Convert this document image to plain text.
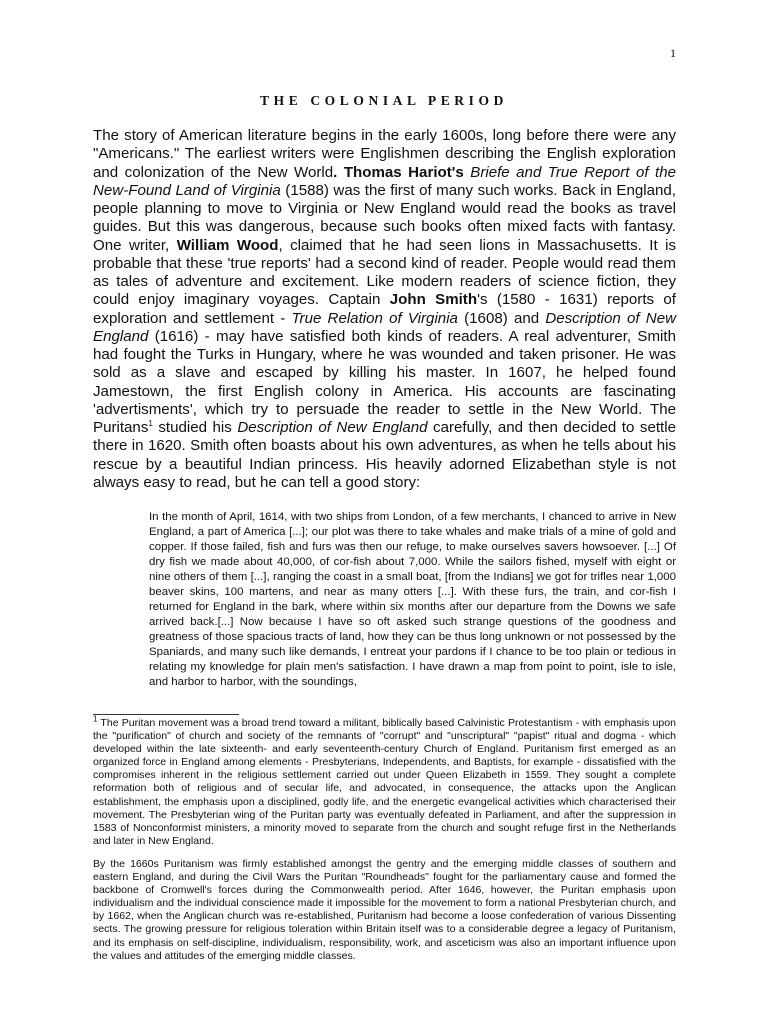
1
THE COLONIAL PERIOD
The story of American literature begins in the early 1600s, long before there were any "Americans." The earliest writers were Englishmen describing the English exploration and colonization of the New World. Thomas Hariot's Briefe and True Report of the New-Found Land of Virginia (1588) was the first of many such works. Back in England, people planning to move to Virginia or New England would read the books as travel guides. But this was dangerous, because such books often mixed facts with fantasy. One writer, William Wood, claimed that he had seen lions in Massachusetts. It is probable that these 'true reports' had a second kind of reader. People would read them as tales of adventure and excitement. Like modern readers of science fiction, they could enjoy imaginary voyages. Captain John Smith's (1580 - 1631) reports of exploration and settlement - True Relation of Virginia (1608) and Description of New England (1616) - may have satisfied both kinds of readers. A real adventurer, Smith had fought the Turks in Hungary, where he was wounded and taken prisoner. He was sold as a slave and escaped by killing his master. In 1607, he helped found Jamestown, the first English colony in America. His accounts are fascinating 'advertisments', which try to persuade the reader to settle in the New World. The Puritans$^1$ studied his Description of New England carefully, and then decided to settle there in 1620. Smith often boasts about his own adventures, as when he tells about his rescue by a beautiful Indian princess. His heavily adorned Elizabethan style is not always easy to read, but he can tell a good story:
In the month of April, 1614, with two ships from London, of a few merchants, I chanced to arrive in New England, a part of America [...]; our plot was there to take whales and make trials of a mine of gold and copper. If those failed, fish and furs was then our refuge, to make ourselves savers howsoever. [...] Of dry fish we made about 40,000, of cor-fish about 7,000. While the sailors fished, myself with eight or nine others of them [...], ranging the coast in a small boat, [from the Indians] we got for trifles near 1,000 beaver skins, 100 martens, and near as many otters [...]. With these furs, the train, and cor-fish I returned for England in the bark, where within six months after our departure from the Downs we safe arrived back.[...] Now because I have so oft asked such strange questions of the goodness and greatness of those spacious tracts of land, how they can be thus long unknown or not possessed by the Spaniards, and many such like demands, I entreat your pardons if I chance to be too plain or tedious in relating my knowledge for plain men's satisfaction. I have drawn a map from point to point, isle to isle, and harbor to harbor, with the soundings,
$^1$ The Puritan movement was a broad trend toward a militant, biblically based Calvinistic Protestantism - with emphasis upon the "purification" of church and society of the remnants of "corrupt" and "unscriptural" "papist" ritual and dogma - which developed within the late sixteenth- and early seventeenth-century Church of England. Puritanism first emerged as an organized force in England among elements - Presbyterians, Independents, and Baptists, for example - dissatisfied with the compromises inherent in the religious settlement carried out under Queen Elizabeth in 1559. They sought a complete reformation both of religious and of secular life, and advocated, in consequence, the attacks upon the Anglican establishment, the emphasis upon a disciplined, godly life, and the energetic evangelical activities which characterised their movement. The Presbyterian wing of the Puritan party was eventually defeated in Parliament, and after the suppression in 1583 of Nonconformist ministers, a minority moved to separate from the church and sought refuge first in the Netherlands and later in New England.
By the 1660s Puritanism was firmly established amongst the gentry and the emerging middle classes of southern and eastern England, and during the Civil Wars the Puritan "Roundheads" fought for the parliamentary cause and formed the backbone of Cromwell's forces during the Commonwealth period. After 1646, however, the Puritan emphasis upon individualism and the individual conscience made it impossible for the movement to form a national Presbyterian church, and by 1662, when the Anglican church was re-established, Puritanism had become a loose confederation of various Dissenting sects. The growing pressure for religious toleration within Britain itself was to a considerable degree a legacy of Puritanism, and its emphasis on self-discipline, individualism, responsibility, work, and asceticism was also an important influence upon the values and attitudes of the emerging middle classes.
